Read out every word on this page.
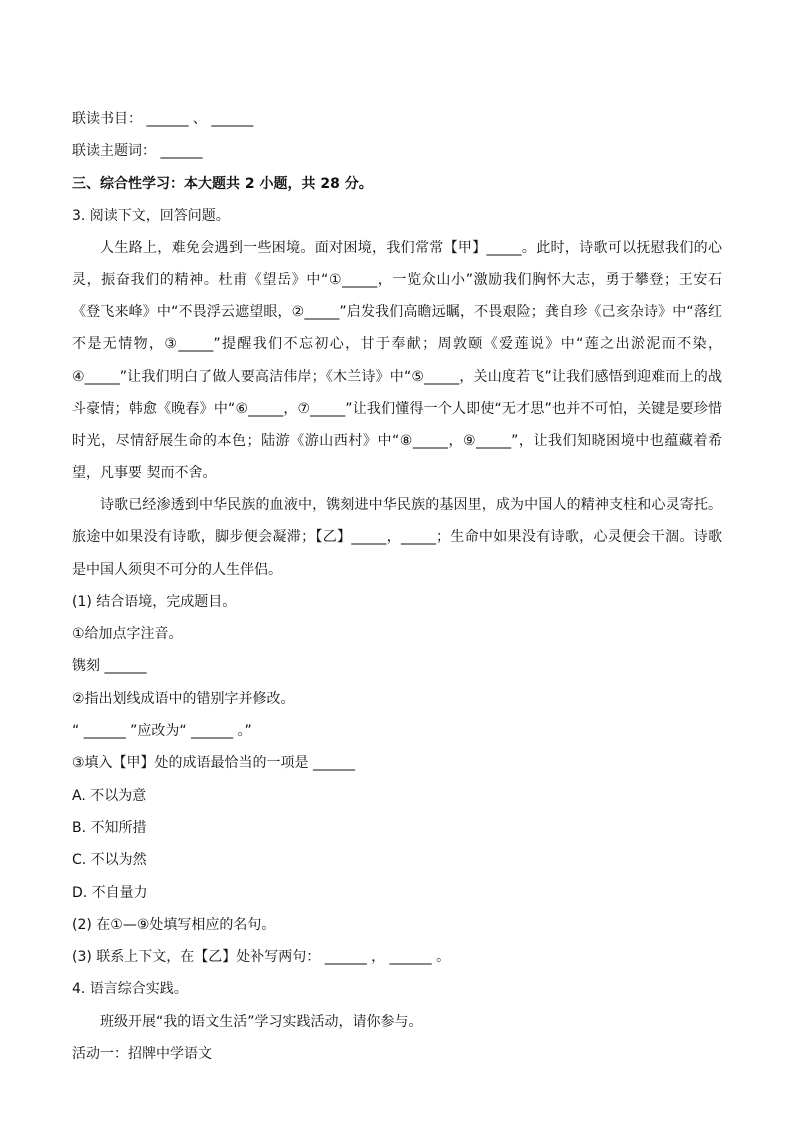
联读书目： ______ 、 ______
联读主题词： ______
三、综合性学习：本大题共 2 小题，共 28 分。
3. 阅读下文，回答问题。
人生路上，难免会遇到一些困境。面对困境，我们常常【甲】_____。此时，诗歌可以抚慰我们的心灵，振奋我们的精神。杜甫《望岳》中“①_____，一览众山小”激励我们胸怀大志，勇于攀登；王安石《登飞来峰》中“不畏浮云遮望眼，②_____”启发我们高瞻远瞩，不畏艰险；龚自珍《己亥杂诗》中“落红不是无情物，③_____”提醒我们不忘初心，甘于奉献；周敦颐《爱莲说》中“莲之出淤泥而不染，④_____”让我们明白了做人要高洁伟岸；《木兰诗》中“⑤_____，关山度若飞”让我们感悟到迎难而上的战斗豪情；韩愈《晚春》中“⑥_____，⑦_____”让我们懂得一个人即使“无才思”也并不可怕，关键是要珍惜时光，尽情舒展生命的本色；陆游《游山西村》中“⑧_____，⑨_____”，让我们知晓困境中也蕴藏着希望，凡事要 契而不舍。
诗歌已经渗透到中华民族的血液中，镌刻进中华民族的基因里，成为中国人的精神支柱和心灵寄托。旅途中如果没有诗歌，脚步便会凝滞；【乙】_____，_____；生命中如果没有诗歌，心灵便会干涸。诗歌是中国人须臾不可分的人生伴侣。
(1) 结合语境，完成题目。
①给加点字注音。
镌刻 ______
②指出划线成语中的错别字并修改。
“ ______ ”应改为“ ______ 。”
③填入【甲】处的成语最恰当的一项是 ______
A. 不以为意
B. 不知所措
C. 不以为然
D. 不自量力
(2) 在①—⑨处填写相应的名句。
(3) 联系上下文，在【乙】处补写两句： ______ ， ______ 。
4. 语言综合实践。
班级开展“我的语文生活”学习实践活动，请你参与。
活动一：招牌中学语文
